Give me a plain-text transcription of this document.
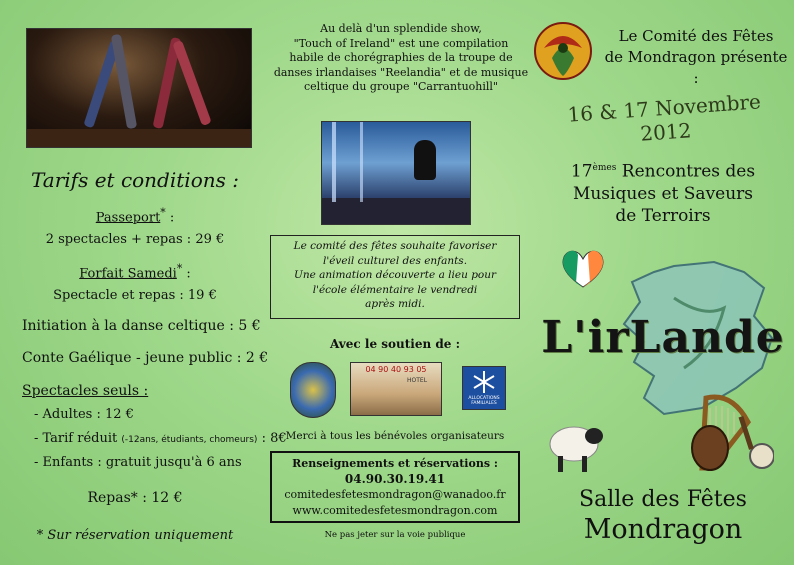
Tarifs et conditions :
Passeport* :
2 spectacles + repas : 29 €
Forfait Samedi* :
Spectacle et repas : 19 €
Initiation à la danse celtique : 5 €
Conte Gaélique - jeune public : 2 €
Spectacles seuls :
- Adultes : 12 €
- Tarif réduit (-12ans, étudiants, chomeurs) : 8€
- Enfants : gratuit jusqu'à 6 ans
Repas* : 12 €
* Sur réservation uniquement
Au delà d'un splendide show,
"Touch of Ireland" est une compilation
habile de chorégraphies de la troupe de
danses irlandaises "Reelandia" et de musique
celtique du groupe "Carrantuohill"
Le comité des fêtes souhaite favoriser
l'éveil culturel des enfants.
Une animation découverte a lieu pour
l'école élémentaire le vendredi
après midi.
Avec le soutien de :
04 90 40 93 05
HOTEL
ALLOCATIONS FAMILIALES
Merci à tous les bénévoles organisateurs
Renseignements et réservations :
04.90.30.19.41
comitedesfetesmondragon@wanadoo.fr
www.comitedesfetesmondragon.com
Ne pas jeter sur la voie publique
Le Comité des Fêtes
de Mondragon présente :
16 & 17 Novembre 2012
17èmes Rencontres des
Musiques et Saveurs
de Terroirs
L'irLande
Salle des Fêtes
Mondragon
